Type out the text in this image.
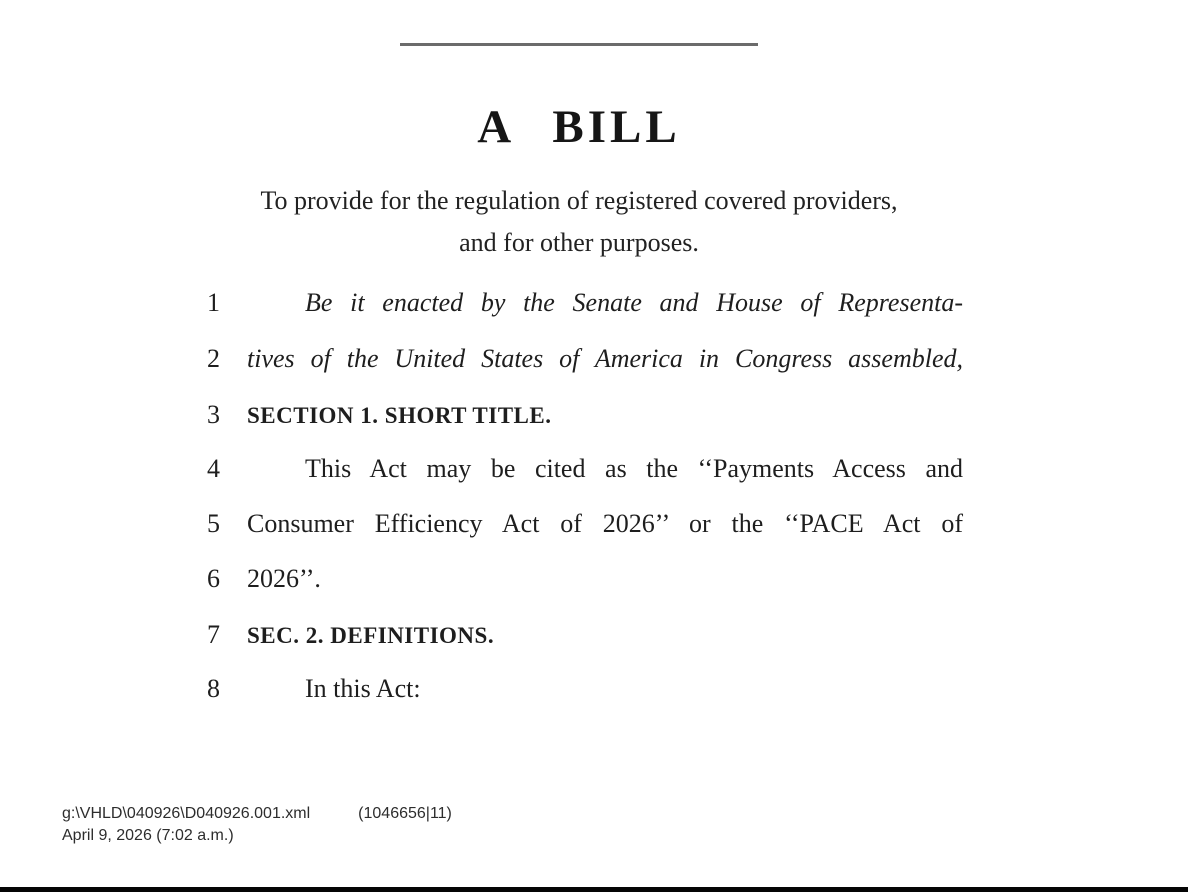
A BILL
To provide for the regulation of registered covered providers,
and for other purposes.
1	Be it enacted by the Senate and House of Representa-
2	tives of the United States of America in Congress assembled,
3	SECTION 1. SHORT TITLE.
4	This Act may be cited as the ‘‘Payments Access and
5	Consumer Efficiency Act of 2026’’ or the ‘‘PACE Act of
6	2026’’.
7	SEC. 2. DEFINITIONS.
8	In this Act:
g:\VHLD\040926\D040926.001.xml	(1046656|11)
April 9, 2026 (7:02 a.m.)
